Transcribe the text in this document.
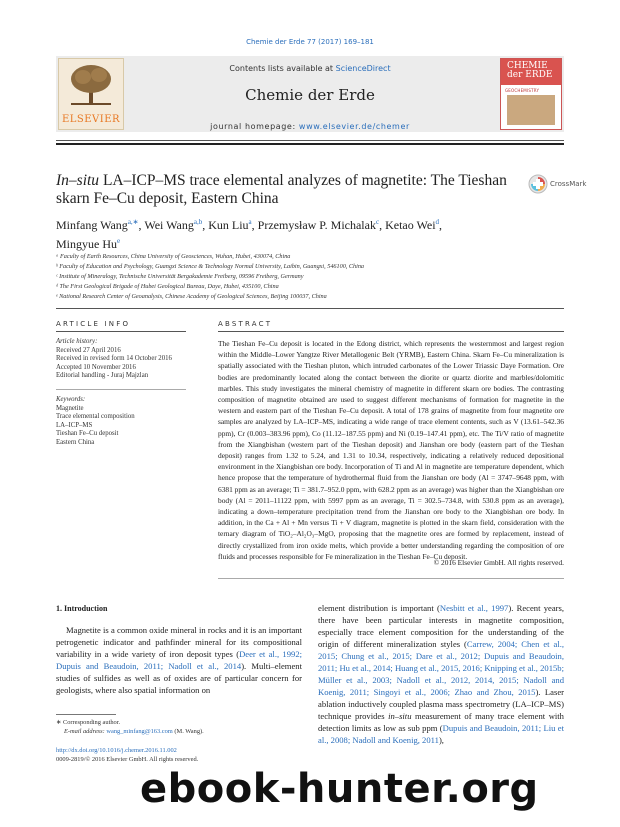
Chemie der Erde 77 (2017) 169–181
ELSEVIER
Contents lists available at ScienceDirect
Chemie der Erde
journal homepage: www.elsevier.de/chemer
CHEMIE
der ERDE
GEOCHEMISTRY
In–situ LA–ICP–MS trace elemental analyzes of magnetite: The Tieshan skarn Fe–Cu deposit, Eastern China
CrossMark
Minfang Wang$^{a,∗}$, Wei Wang$^{a,b}$, Kun Liu$^a$, Przemysław P. Michalak$^c$, Ketao Wei$^d$,
Mingyue Hu$^e$
ᵃ Faculty of Earth Resources, China University of Geosciences, Wuhan, Hubei, 430074, China
ᵇ Faculty of Education and Psychology, Guangxi Science & Technology Normal University, Laibin, Guangxi, 546100, China
ᶜ Institute of Mineralogy, Technische Universität Bergakademie Freiberg, 09596 Freiberg, Germany
ᵈ The First Geological Brigade of Hubei Geological Bureau, Daye, Hubei, 435100, China
ᵉ National Research Center of Geoanalysis, Chinese Academy of Geological Sciences, Beijing 100037, China
ARTICLE INFO	ABSTRACT
Article history:
Received 27 April 2016
Received in revised form 14 October 2016
Accepted 10 November 2016
Editorial handling - Juraj Majzlan
Keywords:
Magnetite
Trace elemental composition
LA–ICP–MS
Tieshan Fe–Cu deposit
Eastern China
The Tieshan Fe–Cu deposit is located in the Edong district, which represents the westernmost and largest region within the Middle–Lower Yangtze River Metallogenic Belt (YRMB), Eastern China. Skarn Fe–Cu mineralization is spatially associated with the Tieshan pluton, which intruded carbonates of the Lower Triassic Daye Formation. Ore bodies are predominantly located along the contact between the diorite or quartz diorite and marbles/dolomitic marbles. This study investigates the mineral chemistry of magnetite in different skarn ore bodies. The contrasting composition of magnetite obtained are used to suggest different mechanisms of formation for magnetite in the western and eastern part of the Tieshan Fe–Cu deposit. A total of 178 grains of magnetite from four magnetite ore samples are analyzed by LA–ICP–MS, indicating a wide range of trace element contents, such as V (13.61–542.36 ppm), Cr (0.003–383.96 ppm), Co (11.12–187.55 ppm) and Ni (0.19–147.41 ppm), etc. The Ti/V ratio of magnetite from the Xiangbishan (western part of the Tieshan deposit) and Jianshan ore body (eastern part of the Tieshan deposit) ranges from 1.32 to 5.24, and 1.31 to 10.34, respectively, indicating a relatively reduced depositional environment in the Xiangbishan ore body. Incorporation of Ti and Al in magnetite are temperature dependent, which hence propose that the temperature of hydrothermal fluid from the Jianshan ore body (Al = 3747–9648 ppm, with 6381 ppm as an average; Ti = 381.7–952.0 ppm, with 628.2 ppm as an average) was higher than the Xiangbishan ore body (Al = 2011–11122 ppm, with 5997 ppm as an average, Ti = 302.5–734.8, with 530.8 ppm as an average), indicating a down–temperature precipitation trend from the Jianshan ore body to the Xiangbishan ore body. In addition, in the Ca + Al + Mn versus Ti + V diagram, magnetite is plotted in the skarn field, consideration with the ternary diagram of TiO₂–Al₂O₃–MgO, proposing that the magnetite ores are formed by replacement, instead of directly crystallized from iron oxide melts, which provide a better understanding regarding the composition of ore fluids and processes responsible for Fe mineralization in the Tieshan Fe–Cu deposit.
© 2016 Elsevier GmbH. All rights reserved.
1. Introduction
Magnetite is a common oxide mineral in rocks and it is an important petrogenetic indicator and pathfinder mineral for its compositional variability in a wide variety of iron deposit types (Deer et al., 1992; Dupuis and Beaudoin, 2011; Nadoll et al., 2014). Multi–element studies of sulfides as well as of oxides are of particular concern for geologists, where also spatial information on
element distribution is important (Nesbitt et al., 1997). Recent years, there have been particular interests in magnetite composition, especially trace element composition for the understanding of the origin of different mineralization styles (Carrew, 2004; Chen et al., 2015; Chung et al., 2015; Dare et al., 2012; Dupuis and Beaudoin, 2011; Hu et al., 2014; Huang et al., 2015, 2016; Knipping et al., 2015b; Müller et al., 2003; Nadoll et al., 2012, 2014, 2015; Nadoll and Koenig, 2011; Singoyi et al., 2006; Zhao and Zhou, 2015). Laser ablation inductively coupled plasma mass spectrometry (LA–ICP–MS) technique provides in–situ measurement of many trace element with detection limits as low as sub ppm (Dupuis and Beaudoin, 2011; Liu et al., 2008; Nadoll and Koenig, 2011),
∗ Corresponding author.
E-mail address: wang_minfang@163.com (M. Wang).
http://dx.doi.org/10.1016/j.chemer.2016.11.002
0009-2819/© 2016 Elsevier GmbH. All rights reserved.
ebook-hunter.org
